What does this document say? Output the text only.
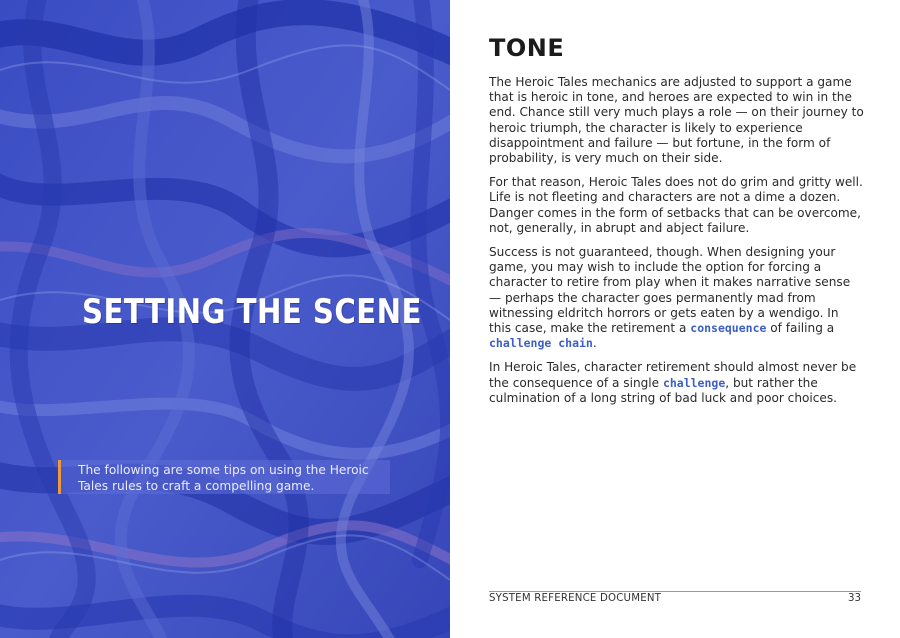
SETTING THE SCENE

The following are some tips on using the Heroic Tales rules to craft a compelling game.

TONE

The Heroic Tales mechanics are adjusted to support a game that is heroic in tone, and heroes are expected to win in the end. Chance still very much plays a role — on their journey to heroic triumph, the character is likely to experience disappointment and failure — but fortune, in the form of probability, is very much on their side.

For that reason, Heroic Tales does not do grim and gritty well. Life is not fleeting and characters are not a dime a dozen. Danger comes in the form of setbacks that can be overcome, not, generally, in abrupt and abject failure.

Success is not guaranteed, though. When designing your game, you may wish to include the option for forcing a character to retire from play when it makes narrative sense — perhaps the character goes permanently mad from witnessing eldritch horrors or gets eaten by a wendigo. In this case, make the retirement a consequence of failing a challenge chain.

In Heroic Tales, character retirement should almost never be the consequence of a single challenge, but rather the culmination of a long string of bad luck and poor choices.

SYSTEM REFERENCE DOCUMENT	33
